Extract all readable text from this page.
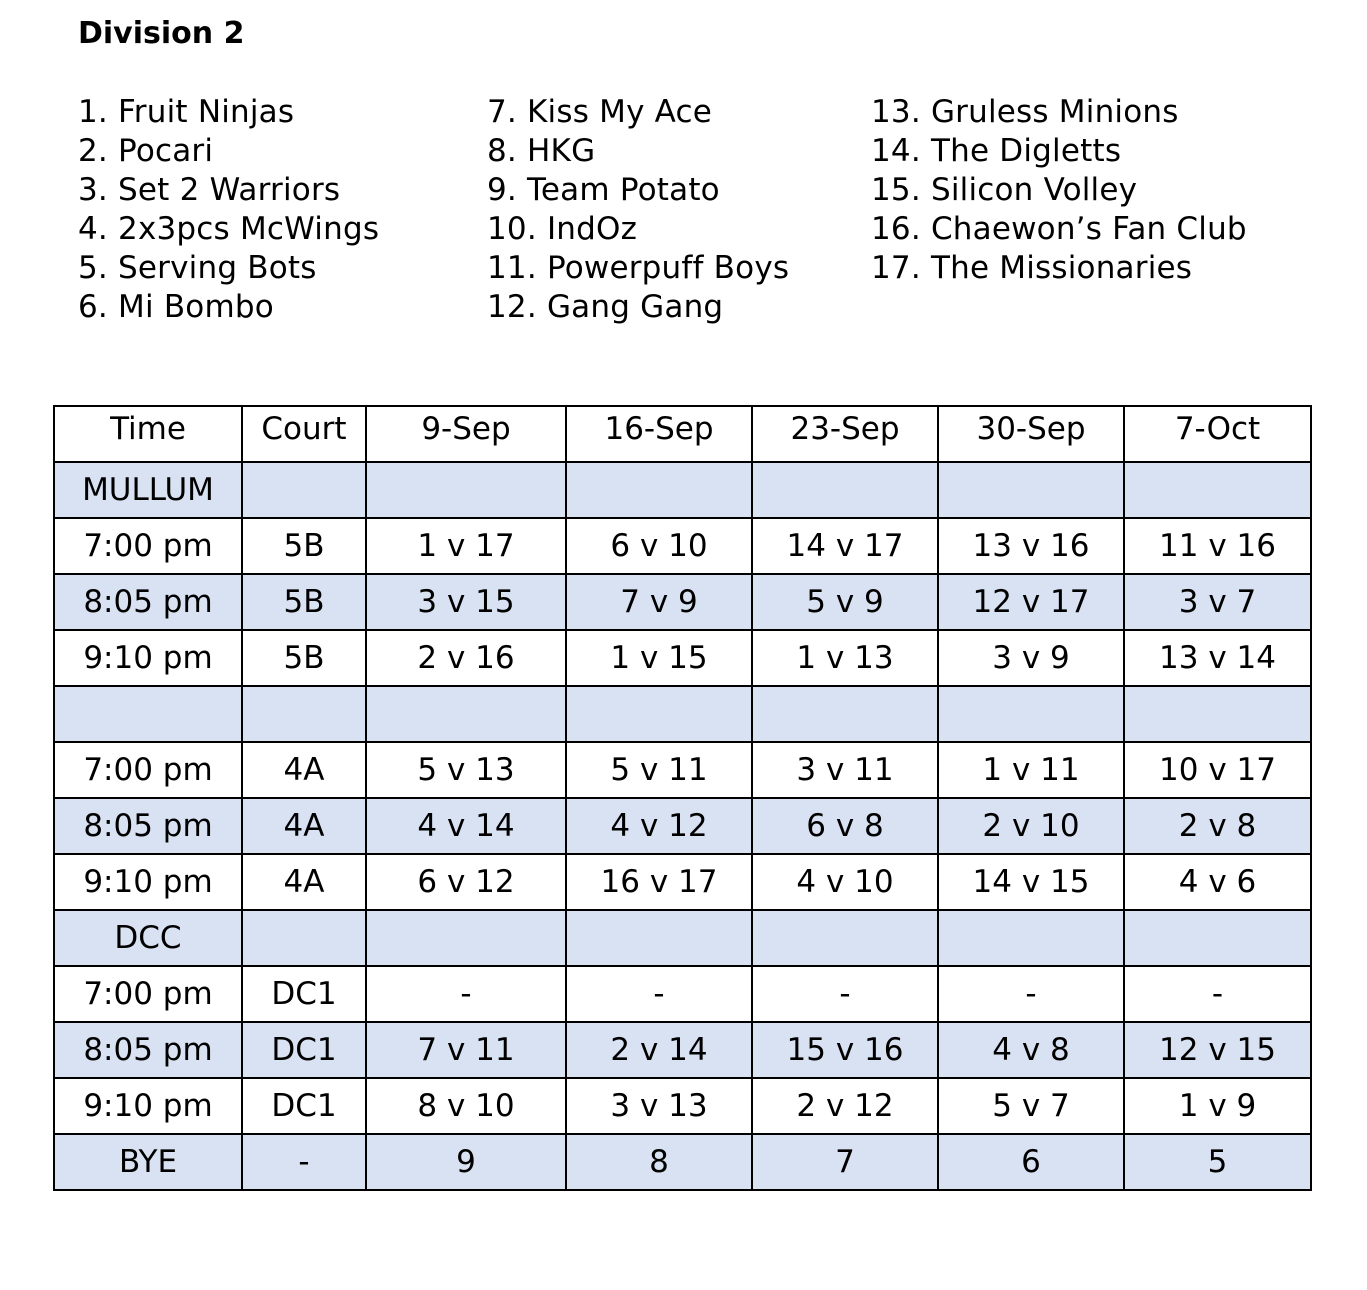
Division 2
1. Fruit Ninjas
2. Pocari
3. Set 2 Warriors
4. 2x3pcs McWings
5. Serving Bots
6. Mi Bombo
7. Kiss My Ace
8. HKG
9. Team Potato
10. IndOz
11. Powerpuff Boys
12. Gang Gang
13. Gruless Minions
14. The Digletts
15. Silicon Volley
16. Chaewon’s Fan Club
17. The Missionaries
Time	Court	9-Sep	16-Sep	23-Sep	30-Sep	7-Oct
MULLUM						
7:00 pm	5B	1 v 17	6 v 10	14 v 17	13 v 16	11 v 16
8:05 pm	5B	3 v 15	7 v 9	5 v 9	12 v 17	3 v 7
9:10 pm	5B	2 v 16	1 v 15	1 v 13	3 v 9	13 v 14

7:00 pm	4A	5 v 13	5 v 11	3 v 11	1 v 11	10 v 17
8:05 pm	4A	4 v 14	4 v 12	6 v 8	2 v 10	2 v 8
9:10 pm	4A	6 v 12	16 v 17	4 v 10	14 v 15	4 v 6
DCC						
7:00 pm	DC1	-	-	-	-	-
8:05 pm	DC1	7 v 11	2 v 14	15 v 16	4 v 8	12 v 15
9:10 pm	DC1	8 v 10	3 v 13	2 v 12	5 v 7	1 v 9
BYE	-	9	8	7	6	5
